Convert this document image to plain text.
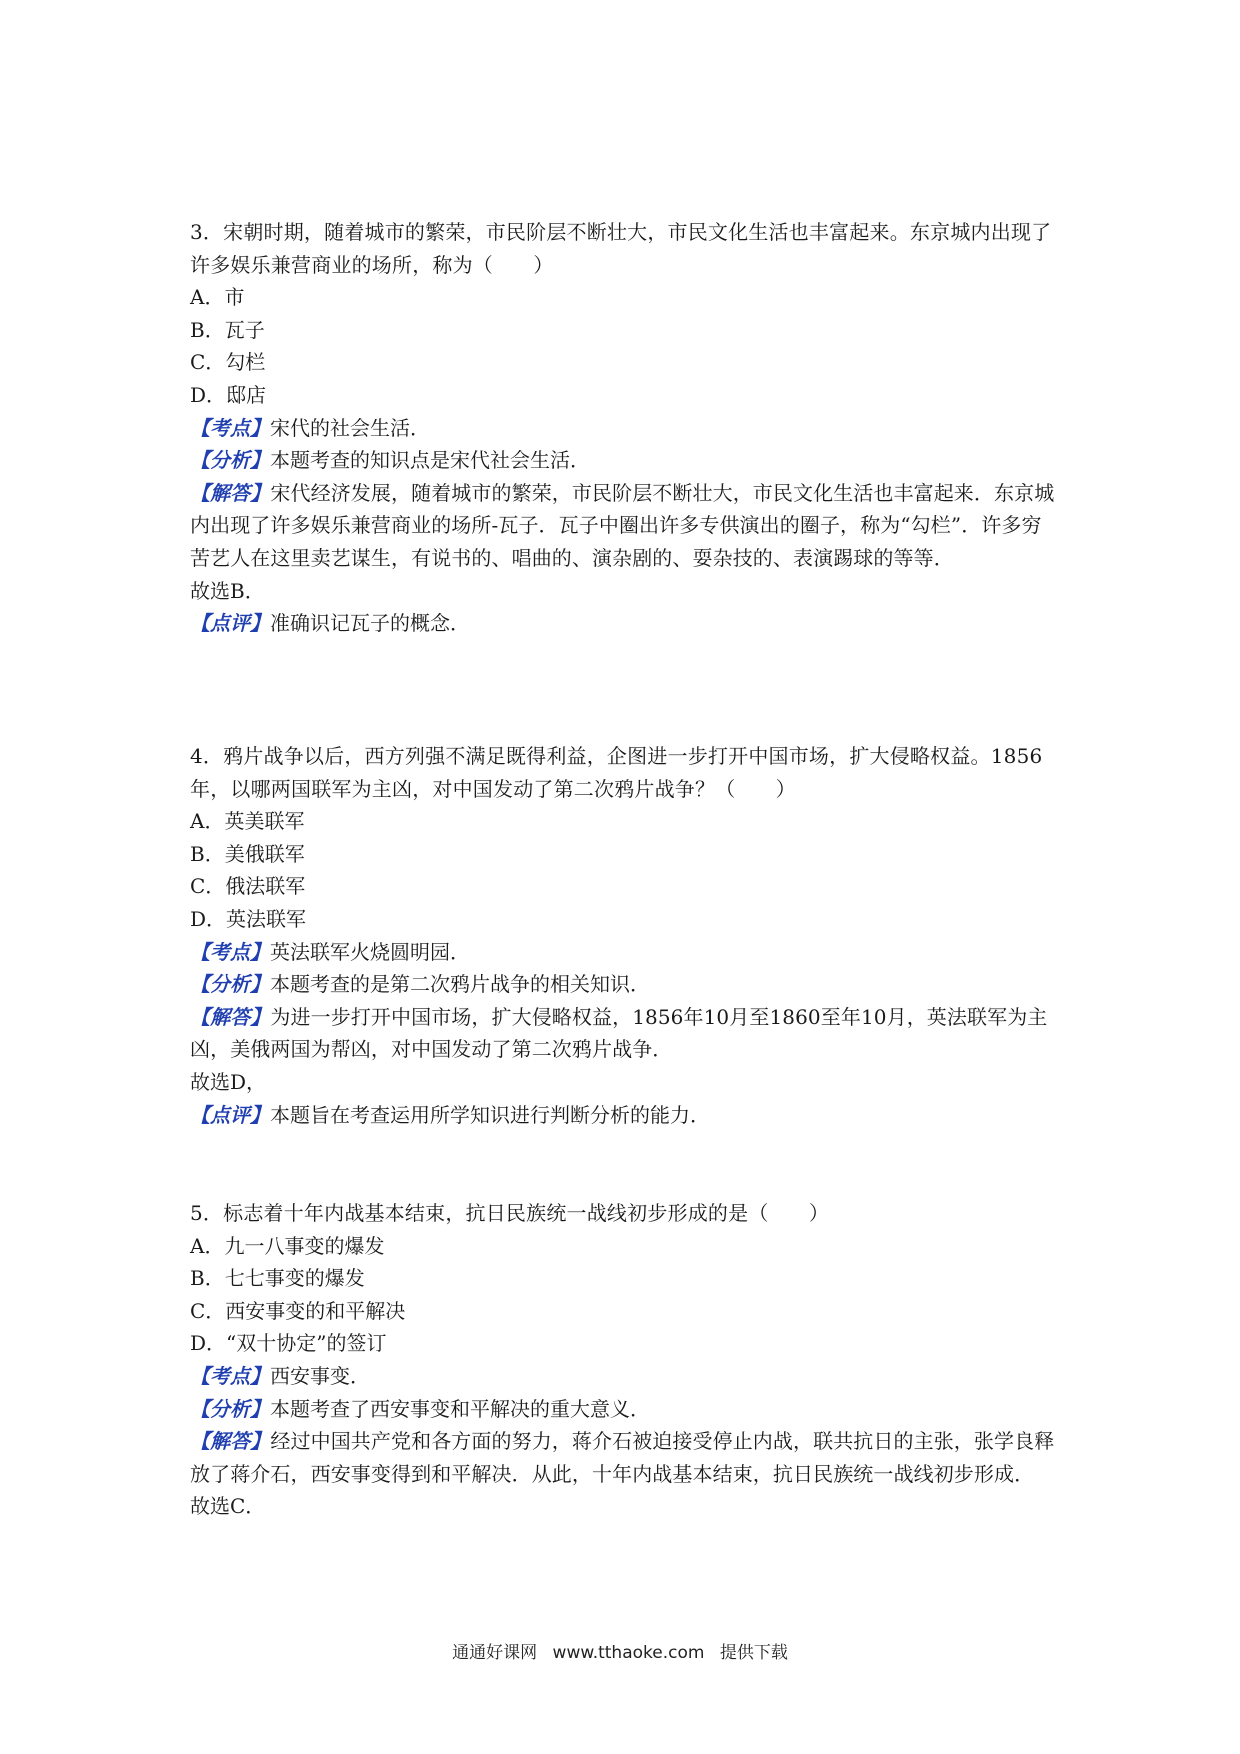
3．宋朝时期，随着城市的繁荣，市民阶层不断壮大，市民文化生活也丰富起来。东京城内出现了许多娱乐兼营商业的场所，称为（　　）

A．市

B．瓦子

C．勾栏

D．邸店

【考点】宋代的社会生活．

【分析】本题考查的知识点是宋代社会生活．

【解答】宋代经济发展，随着城市的繁荣，市民阶层不断壮大，市民文化生活也丰富起来．东京城内出现了许多娱乐兼营商业的场所-瓦子．瓦子中圈出许多专供演出的圈子，称为“勾栏”．许多穷苦艺人在这里卖艺谋生，有说书的、唱曲的、演杂剧的、耍杂技的、表演踢球的等等．

故选B．

【点评】准确识记瓦子的概念．

4．鸦片战争以后，西方列强不满足既得利益，企图进一步打开中国市场，扩大侵略权益。1856年，以哪两国联军为主凶，对中国发动了第二次鸦片战争？（　　）

A．英美联军

B．美俄联军

C．俄法联军

D．英法联军

【考点】英法联军火烧圆明园．

【分析】本题考查的是第二次鸦片战争的相关知识．

【解答】为进一步打开中国市场，扩大侵略权益，1856年10月至1860至年10月，英法联军为主凶，美俄两国为帮凶，对中国发动了第二次鸦片战争．

故选D，

【点评】本题旨在考查运用所学知识进行判断分析的能力．

5．标志着十年内战基本结束，抗日民族统一战线初步形成的是（　　）

A．九一八事变的爆发

B．七七事变的爆发

C．西安事变的和平解决

D．“双十协定”的签订

【考点】西安事变．

【分析】本题考查了西安事变和平解决的重大意义．

【解答】经过中国共产党和各方面的努力，蒋介石被迫接受停止内战，联共抗日的主张，张学良释放了蒋介石，西安事变得到和平解决．从此，十年内战基本结束，抗日民族统一战线初步形成．

故选C．

通通好课网 www.tthaoke.com 提供下载
